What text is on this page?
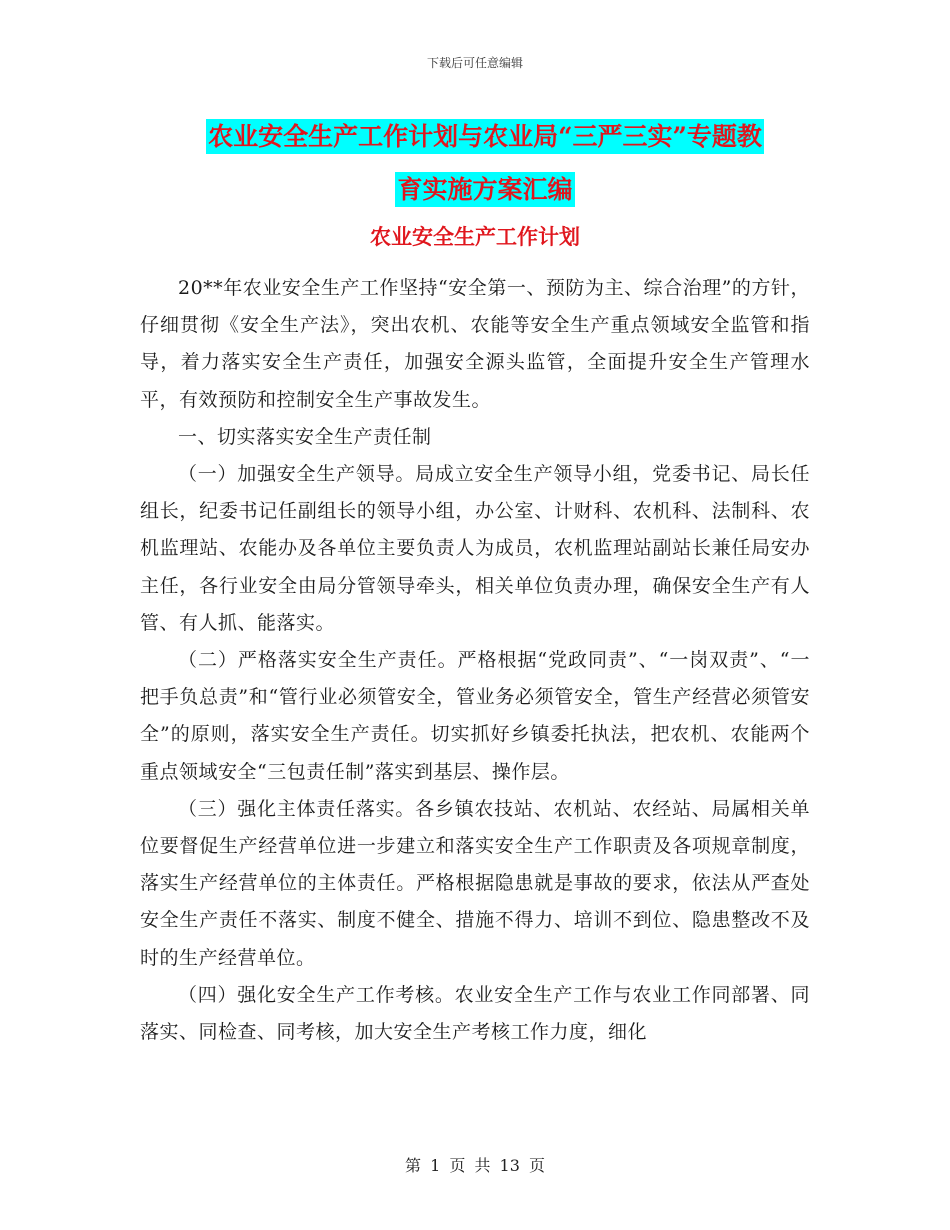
下载后可任意编辑
农业安全生产工作计划与农业局“三严三实”专题教
育实施方案汇编
农业安全生产工作计划

20**年农业安全生产工作坚持“安全第一、预防为主、综合治理”的方针，仔细贯彻《安全生产法》，突出农机、农能等安全生产重点领域安全监管和指导，着力落实安全生产责任，加强安全源头监管，全面提升安全生产管理水平，有效预防和控制安全生产事故发生。

一、切实落实安全生产责任制

（一）加强安全生产领导。局成立安全生产领导小组，党委书记、局长任组长，纪委书记任副组长的领导小组，办公室、计财科、农机科、法制科、农机监理站、农能办及各单位主要负责人为成员，农机监理站副站长兼任局安办主任，各行业安全由局分管领导牵头，相关单位负责办理，确保安全生产有人管、有人抓、能落实。

（二）严格落实安全生产责任。严格根据“党政同责”、“一岗双责”、“一把手负总责”和“管行业必须管安全，管业务必须管安全，管生产经营必须管安全”的原则，落实安全生产责任。切实抓好乡镇委托执法，把农机、农能两个重点领域安全“三包责任制”落实到基层、操作层。

（三）强化主体责任落实。各乡镇农技站、农机站、农经站、局属相关单位要督促生产经营单位进一步建立和落实安全生产工作职责及各项规章制度，落实生产经营单位的主体责任。严格根据隐患就是事故的要求，依法从严查处安全生产责任不落实、制度不健全、措施不得力、培训不到位、隐患整改不及时的生产经营单位。

（四）强化安全生产工作考核。农业安全生产工作与农业工作同部署、同落实、同检查、同考核，加大安全生产考核工作力度，细化

第 1 页 共 13 页
